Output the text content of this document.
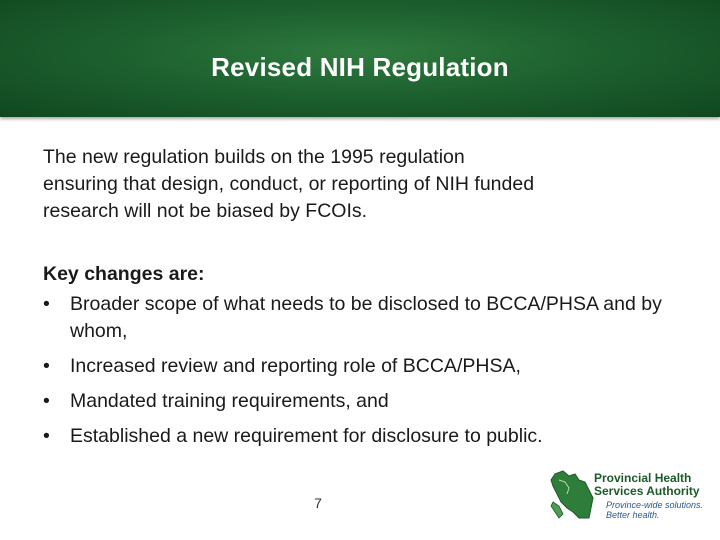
Revised NIH Regulation

The new regulation builds on the 1995 regulation ensuring that design, conduct, or reporting of NIH funded research will not be biased by FCOIs.

Key changes are:

• Broader scope of what needs to be disclosed to BCCA/PHSA and by whom,
• Increased review and reporting role of BCCA/PHSA,
• Mandated training requirements, and
• Established a new requirement for disclosure to public.
7
Provincial Health
Services Authority
Province-wide solutions.
Better health.
